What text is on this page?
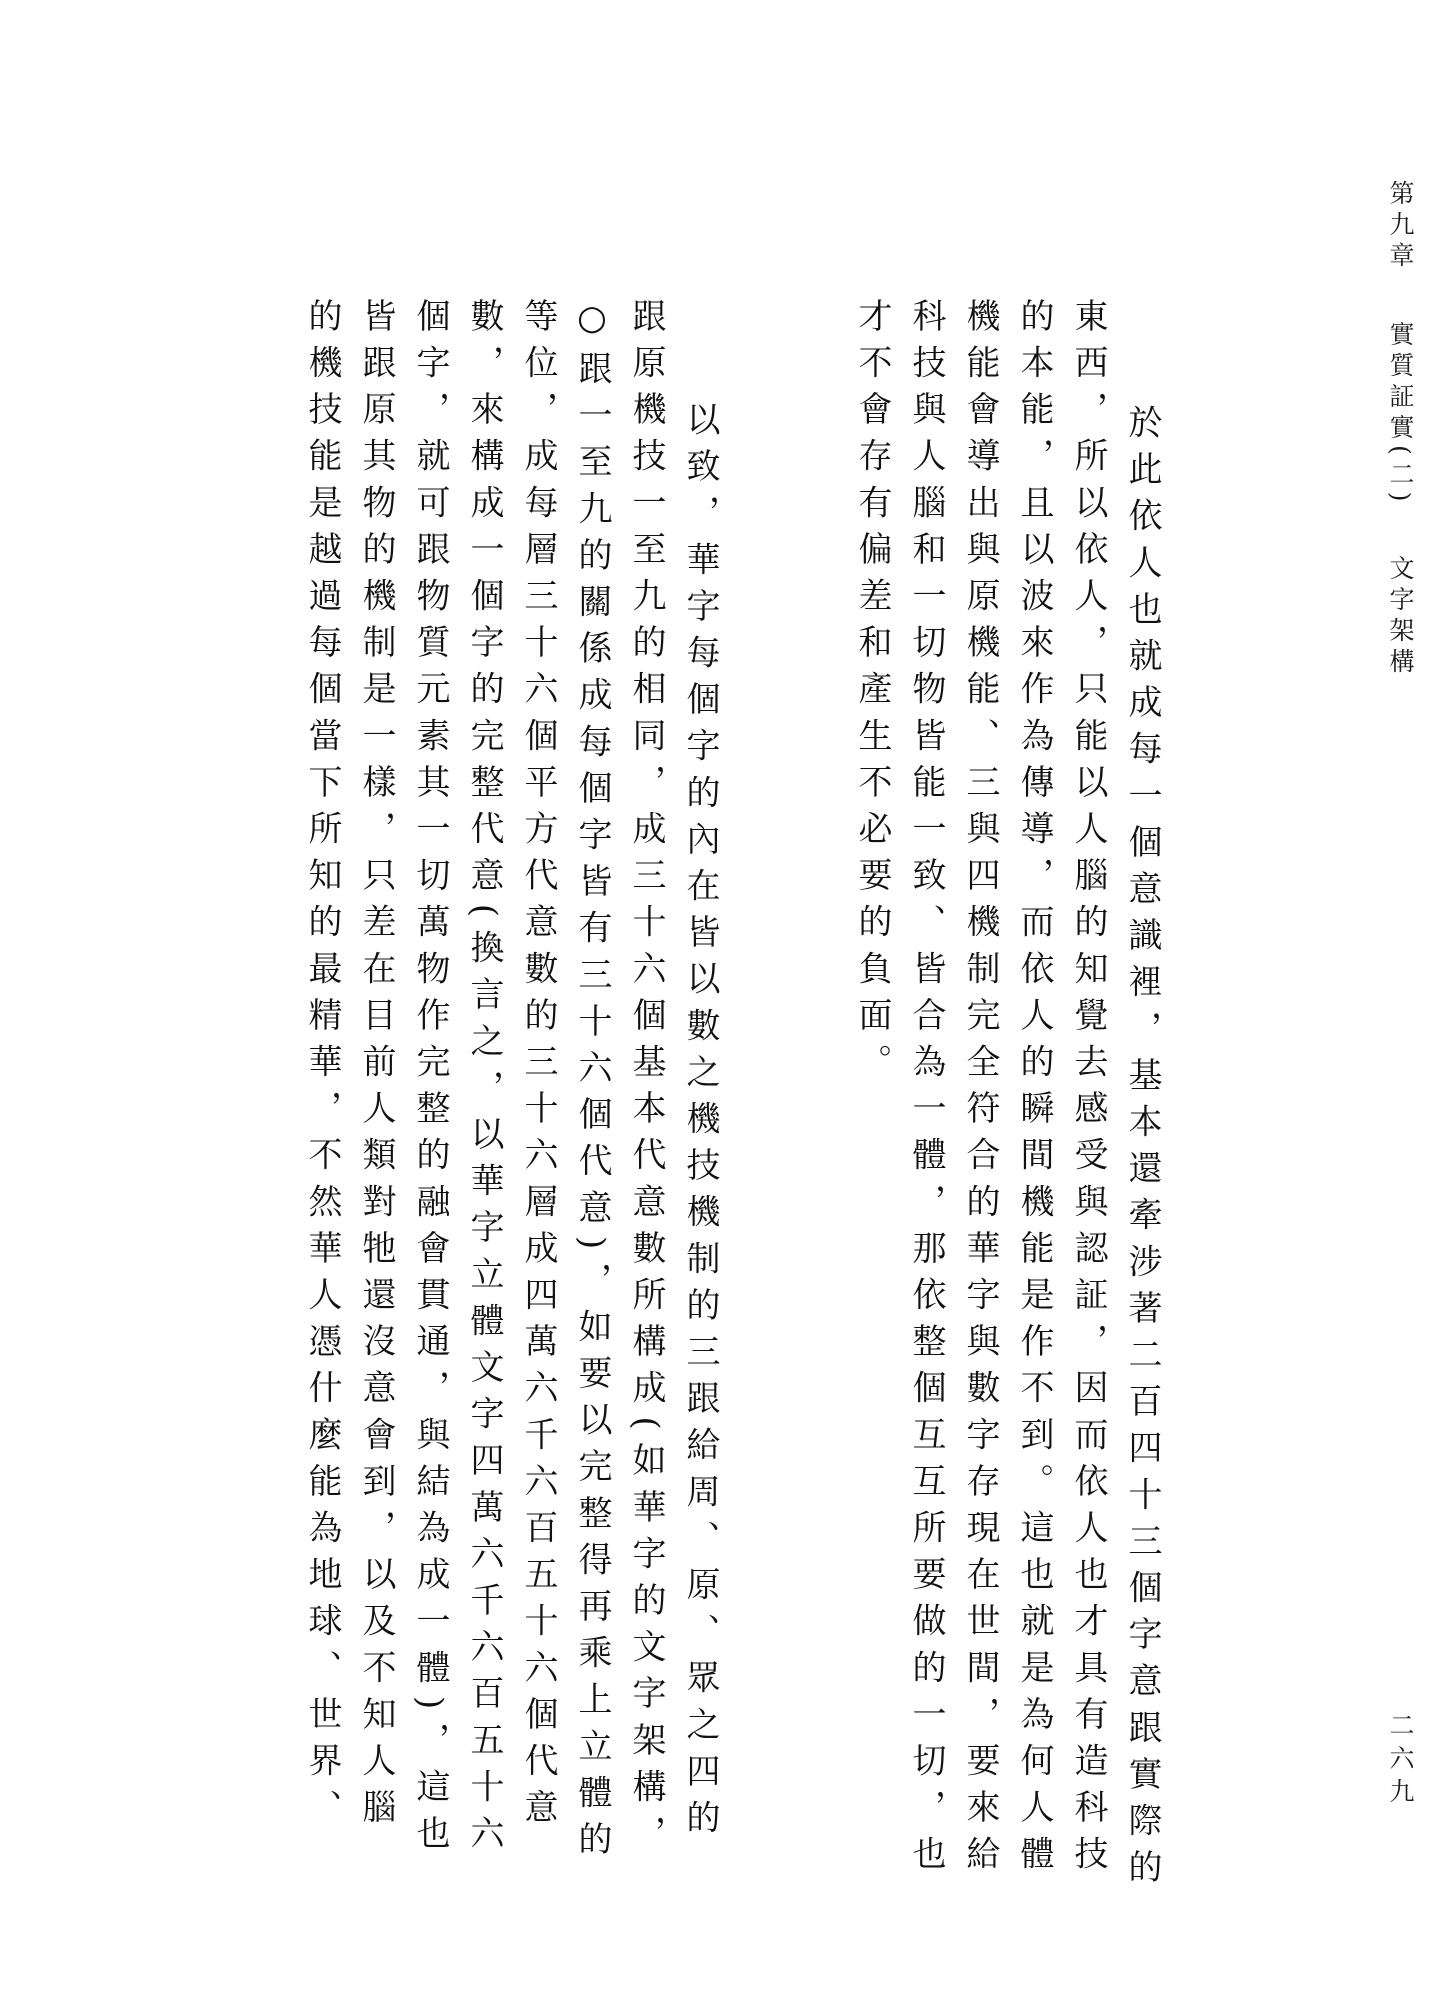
第九章 實質証實(二) 文字架構
二六九
　於此依人也就成每一個意識裡，基本還牽涉著二百四十三個字意跟實際的
東西，所以依人，只能以人腦的知覺去感受與認証，因而依人也才具有造科技
的本能，且以波來作為傳導，而依人的瞬間機能是作不到。這也就是為何人體
機能會導出與原機能、三與四機制完全符合的華字與數字存現在世間，要來給
科技與人腦和一切物皆能一致、皆合為一體，那依整個互互所要做的一切，也
才不會存有偏差和產生不必要的負面。
　以致，華字每個字的內在皆以數之機技機制的三跟給周、原、眾之四的
跟原機技一至九的相同，成三十六個基本代意數所構成(如華字的文字架構，
○跟一至九的關係成每個字皆有三十六個代意)，如要以完整得再乘上立體的
等位，成每層三十六個平方代意數的三十六層成四萬六千六百五十六個代意
數，來構成一個字的完整代意(換言之，以華字立體文字四萬六千六百五十六
個字，就可跟物質元素其一切萬物作完整的融會貫通，與結為成一體)，這也
皆跟原其物的機制是一樣，只差在目前人類對牠還沒意會到，以及不知人腦
的機技能是越過每個當下所知的最精華，不然華人憑什麼能為地球、世界、
